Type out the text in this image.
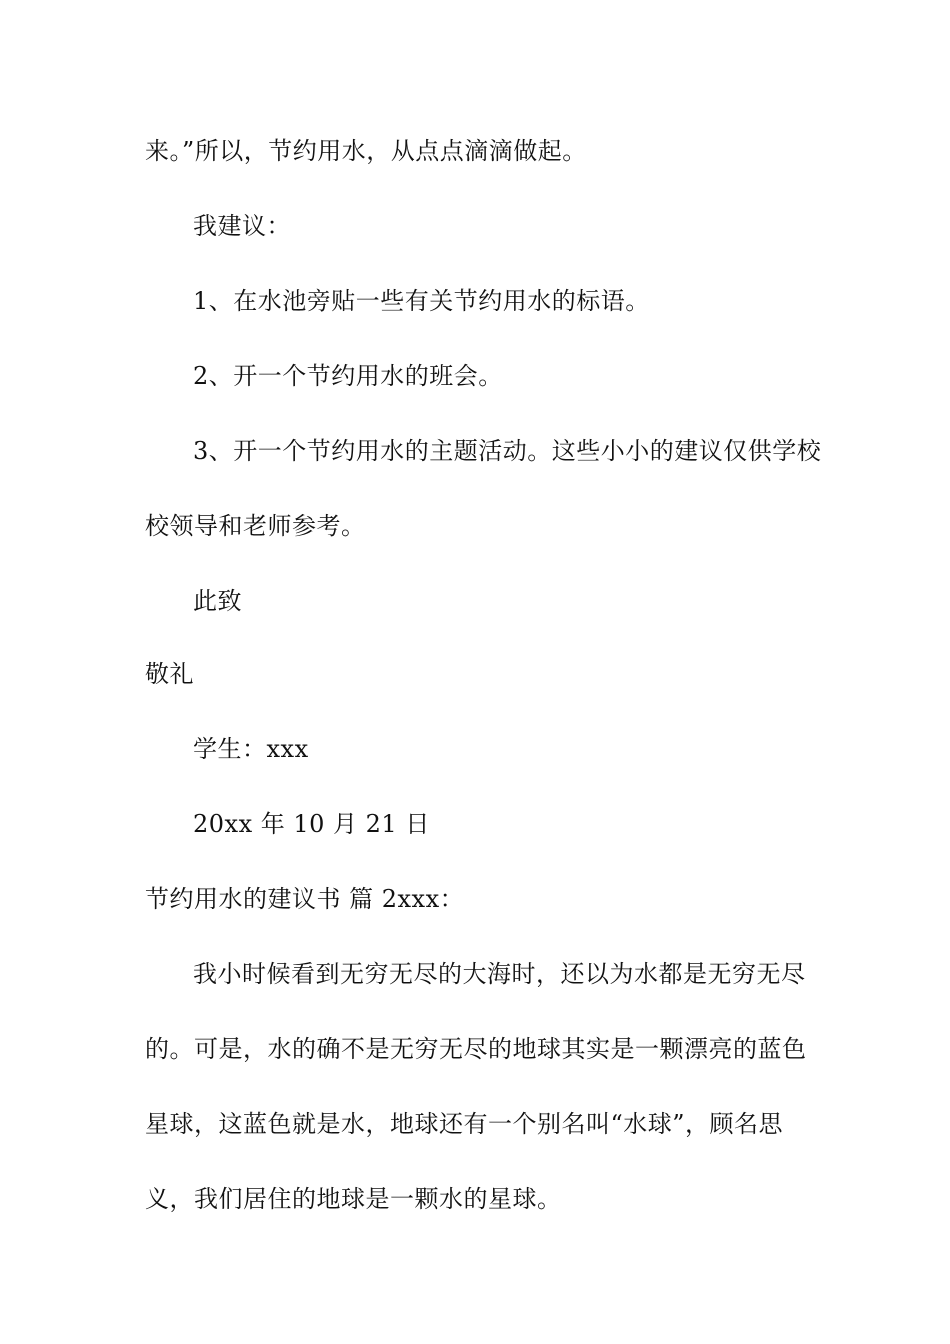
来。”所以，节约用水，从点点滴滴做起。
我建议：
1、在水池旁贴一些有关节约用水的标语。
2、开一个节约用水的班会。
3、开一个节约用水的主题活动。这些小小的建议仅供学校
校领导和老师参考。
此致
敬礼
学生：xxx
20xx 年 10 月 21 日
节约用水的建议书 篇 2xxx：
我小时候看到无穷无尽的大海时，还以为水都是无穷无尽
的。可是，水的确不是无穷无尽的地球其实是一颗漂亮的蓝色
星球，这蓝色就是水，地球还有一个别名叫“水球”，顾名思
义，我们居住的地球是一颗水的星球。
